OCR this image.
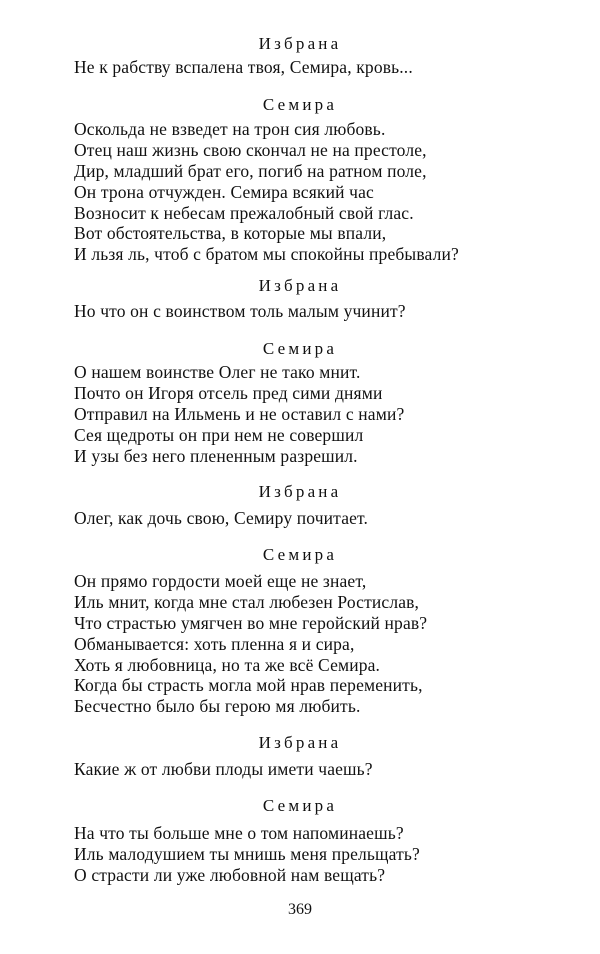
Избрана
Не к рабству вспалена твоя, Семира, кровь...
Семира
Оскольда не взведет на трон сия любовь.
Отец наш жизнь свою скончал не на престоле,
Дир, младший брат его, погиб на ратном поле,
Он трона отчужден. Семира всякий час
Возносит к небесам прежалобный свой глас.
Вот обстоятельства, в которые мы впали,
И льзя ль, чтоб с братом мы спокойны пребывали?
Избрана
Но что он с воинством толь малым учинит?
Семира
О нашем воинстве Олег не тако мнит.
Почто он Игоря отсель пред сими днями
Отправил на Ильмень и не оставил с нами?
Сея щедроты он при нем не совершил
И узы без него плененным разрешил.
Избрана
Олег, как дочь свою, Семиру почитает.
Семира
Он прямо гордости моей еще не знает,
Иль мнит, когда мне стал любезен Ростислав,
Что страстью умягчен во мне геройский нрав?
Обманывается: хоть пленна я и сира,
Хоть я любовница, но та же всё Семира.
Когда бы страсть могла мой нрав переменить,
Бесчестно было бы герою мя любить.
Избрана
Какие ж от любви плоды имети чаешь?
Семира
На что ты больше мне о том напоминаешь?
Иль малодушием ты мнишь меня прельщать?
О страсти ли уже любовной нам вещать?
369
